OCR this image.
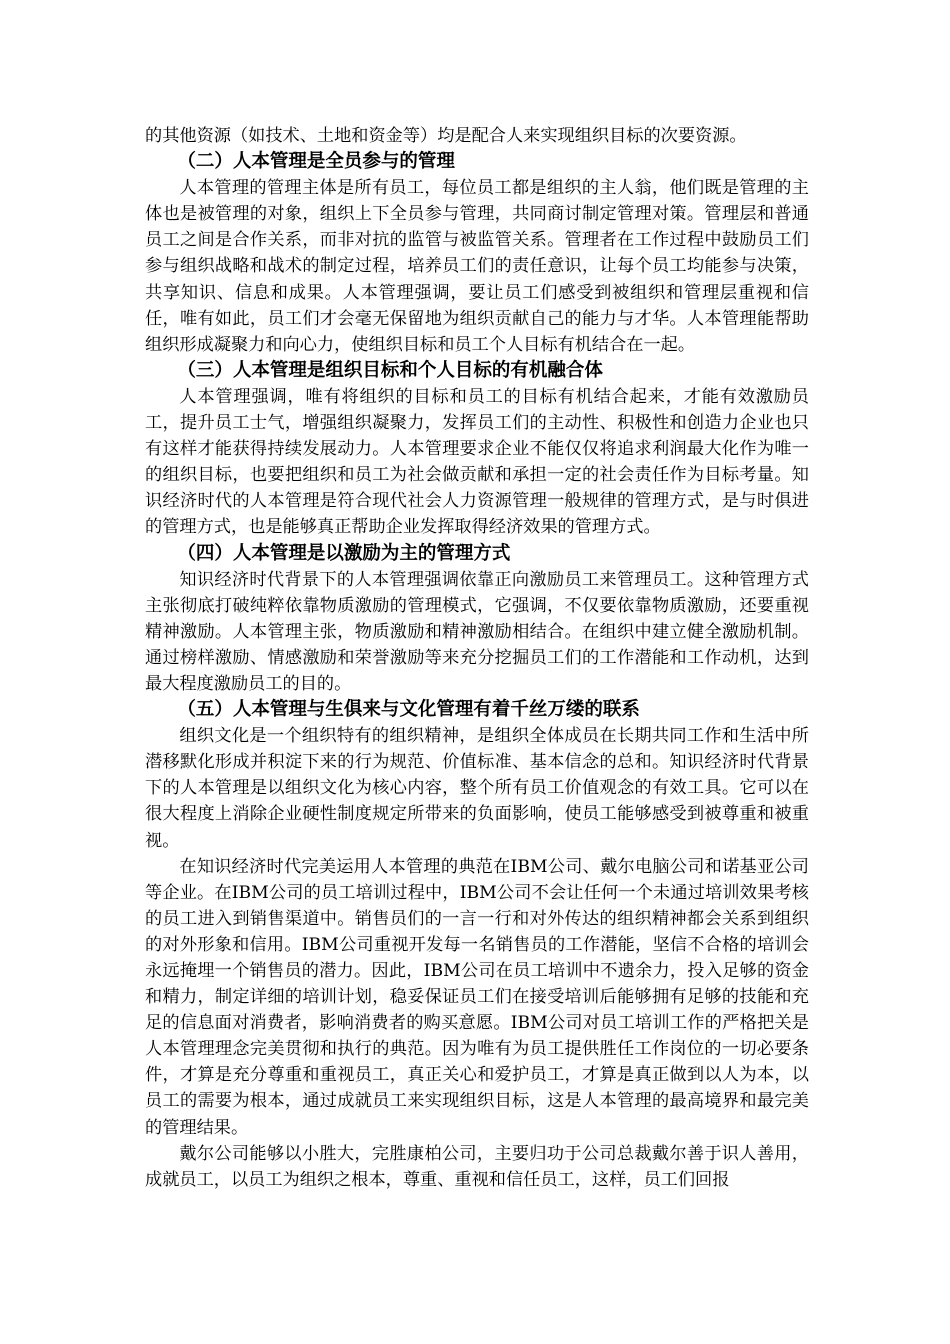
的其他资源（如技术、土地和资金等）均是配合人来实现组织目标的次要资源。

（二）人本管理是全员参与的管理

人本管理的管理主体是所有员工，每位员工都是组织的主人翁，他们既是管理的主体也是被管理的对象，组织上下全员参与管理，共同商讨制定管理对策。管理层和普通员工之间是合作关系，而非对抗的监管与被监管关系。管理者在工作过程中鼓励员工们参与组织战略和战术的制定过程，培养员工们的责任意识，让每个员工均能参与决策，共享知识、信息和成果。人本管理强调，要让员工们感受到被组织和管理层重视和信任，唯有如此，员工们才会毫无保留地为组织贡献自己的能力与才华。人本管理能帮助组织形成凝聚力和向心力，使组织目标和员工个人目标有机结合在一起。

（三）人本管理是组织目标和个人目标的有机融合体

人本管理强调，唯有将组织的目标和员工的目标有机结合起来，才能有效激励员工，提升员工士气，增强组织凝聚力，发挥员工们的主动性、积极性和创造力企业也只有这样才能获得持续发展动力。人本管理要求企业不能仅仅将追求利润最大化作为唯一的组织目标，也要把组织和员工为社会做贡献和承担一定的社会责任作为目标考量。知识经济时代的人本管理是符合现代社会人力资源管理一般规律的管理方式，是与时俱进的管理方式，也是能够真正帮助企业发挥取得经济效果的管理方式。

（四）人本管理是以激励为主的管理方式

知识经济时代背景下的人本管理强调依靠正向激励员工来管理员工。这种管理方式主张彻底打破纯粹依靠物质激励的管理模式，它强调，不仅要依靠物质激励，还要重视精神激励。人本管理主张，物质激励和精神激励相结合。在组织中建立健全激励机制。通过榜样激励、情感激励和荣誉激励等来充分挖掘员工们的工作潜能和工作动机，达到最大程度激励员工的目的。

（五）人本管理与生俱来与文化管理有着千丝万缕的联系

组织文化是一个组织特有的组织精神，是组织全体成员在长期共同工作和生活中所潜移默化形成并积淀下来的行为规范、价值标准、基本信念的总和。知识经济时代背景下的人本管理是以组织文化为核心内容，整个所有员工价值观念的有效工具。它可以在很大程度上消除企业硬性制度规定所带来的负面影响，使员工能够感受到被尊重和被重视。

在知识经济时代完美运用人本管理的典范在IBM公司、戴尔电脑公司和诺基亚公司等企业。在IBM公司的员工培训过程中，IBM公司不会让任何一个未通过培训效果考核的员工进入到销售渠道中。销售员们的一言一行和对外传达的组织精神都会关系到组织的对外形象和信用。IBM公司重视开发每一名销售员的工作潜能，坚信不合格的培训会永远掩埋一个销售员的潜力。因此，IBM公司在员工培训中不遗余力，投入足够的资金和精力，制定详细的培训计划，稳妥保证员工们在接受培训后能够拥有足够的技能和充足的信息面对消费者，影响消费者的购买意愿。IBM公司对员工培训工作的严格把关是人本管理理念完美贯彻和执行的典范。因为唯有为员工提供胜任工作岗位的一切必要条件，才算是充分尊重和重视员工，真正关心和爱护员工，才算是真正做到以人为本，以员工的需要为根本，通过成就员工来实现组织目标，这是人本管理的最高境界和最完美的管理结果。

戴尔公司能够以小胜大，完胜康柏公司，主要归功于公司总裁戴尔善于识人善用，成就员工，以员工为组织之根本，尊重、重视和信任员工，这样，员工们回报
